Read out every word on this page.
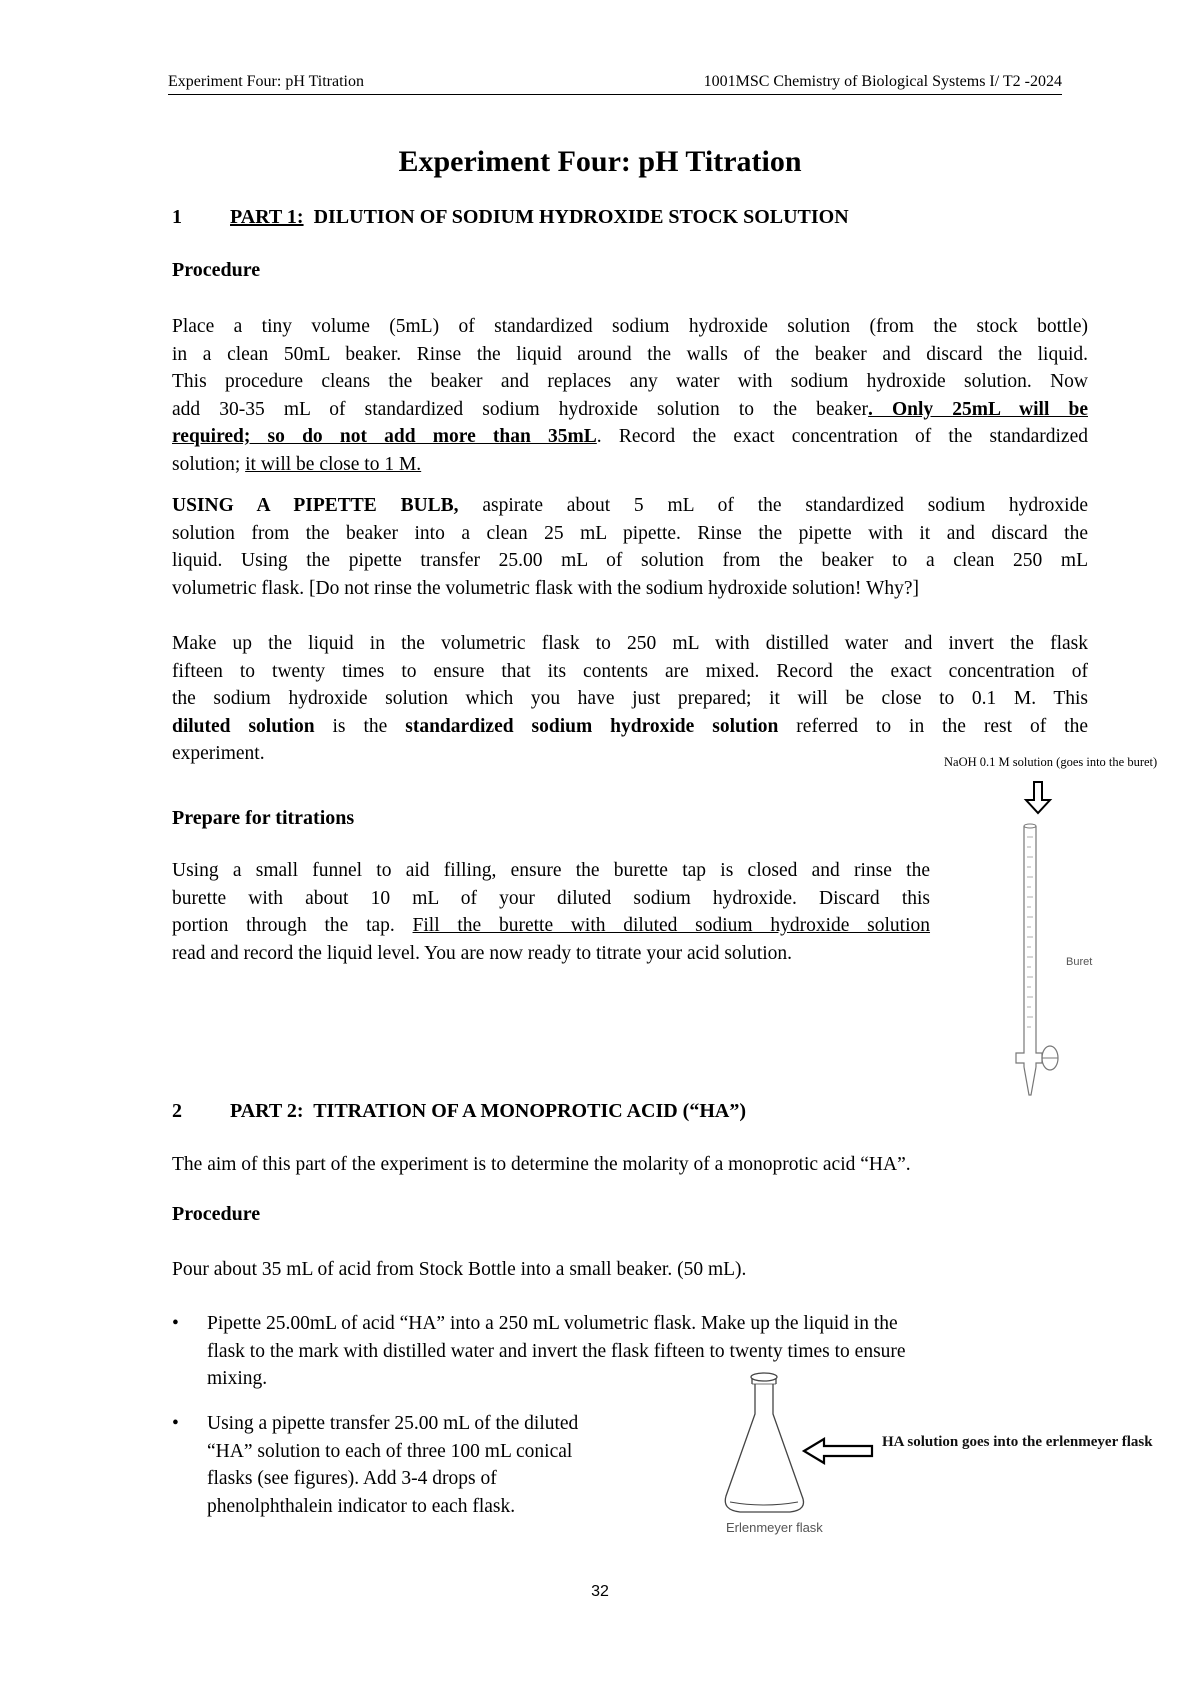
Experiment Four: pH Titration	1001MSC Chemistry of Biological Systems I/ T2 -2024
Experiment Four: pH Titration
1 PART 1: DILUTION OF SODIUM HYDROXIDE STOCK SOLUTION
Procedure
Place a tiny volume (5mL) of standardized sodium hydroxide solution (from the stock bottle)
in a clean 50mL beaker. Rinse the liquid around the walls of the beaker and discard the liquid.
This procedure cleans the beaker and replaces any water with sodium hydroxide solution. Now
add 30-35 mL of standardized sodium hydroxide solution to the beaker. Only 25mL will be
required; so do not add more than 35mL. Record the exact concentration of the standardized
solution; it will be close to 1 M.
USING A PIPETTE BULB, aspirate about 5 mL of the standardized sodium hydroxide
solution from the beaker into a clean 25 mL pipette. Rinse the pipette with it and discard the
liquid. Using the pipette transfer 25.00 mL of solution from the beaker to a clean 250 mL
volumetric flask. [Do not rinse the volumetric flask with the sodium hydroxide solution! Why?]
Make up the liquid in the volumetric flask to 250 mL with distilled water and invert the flask
fifteen to twenty times to ensure that its contents are mixed. Record the exact concentration of
the sodium hydroxide solution which you have just prepared; it will be close to 0.1 M. This
diluted solution is the standardized sodium hydroxide solution referred to in the rest of the
experiment.
Prepare for titrations
Using a small funnel to aid filling, ensure the burette tap is closed and rinse the
burette with about 10 mL of your diluted sodium hydroxide. Discard this
portion through the tap. Fill the burette with diluted sodium hydroxide solution
read and record the liquid level. You are now ready to titrate your acid solution.
NaOH 0.1 M solution (goes into the buret)
Buret
2 PART 2: TITRATION OF A MONOPROTIC ACID (“HA”)
The aim of this part of the experiment is to determine the molarity of a monoprotic acid “HA”.
Procedure
Pour about 35 mL of acid from Stock Bottle into a small beaker. (50 mL).
•	Pipette 25.00mL of acid “HA” into a 250 mL volumetric flask. Make up the liquid in the
flask to the mark with distilled water and invert the flask fifteen to twenty times to ensure
mixing.
•	Using a pipette transfer 25.00 mL of the diluted
“HA” solution to each of three 100 mL conical
flasks (see figures). Add 3-4 drops of
phenolphthalein indicator to each flask.
HA solution goes into the erlenmeyer flask
Erlenmeyer flask
32
